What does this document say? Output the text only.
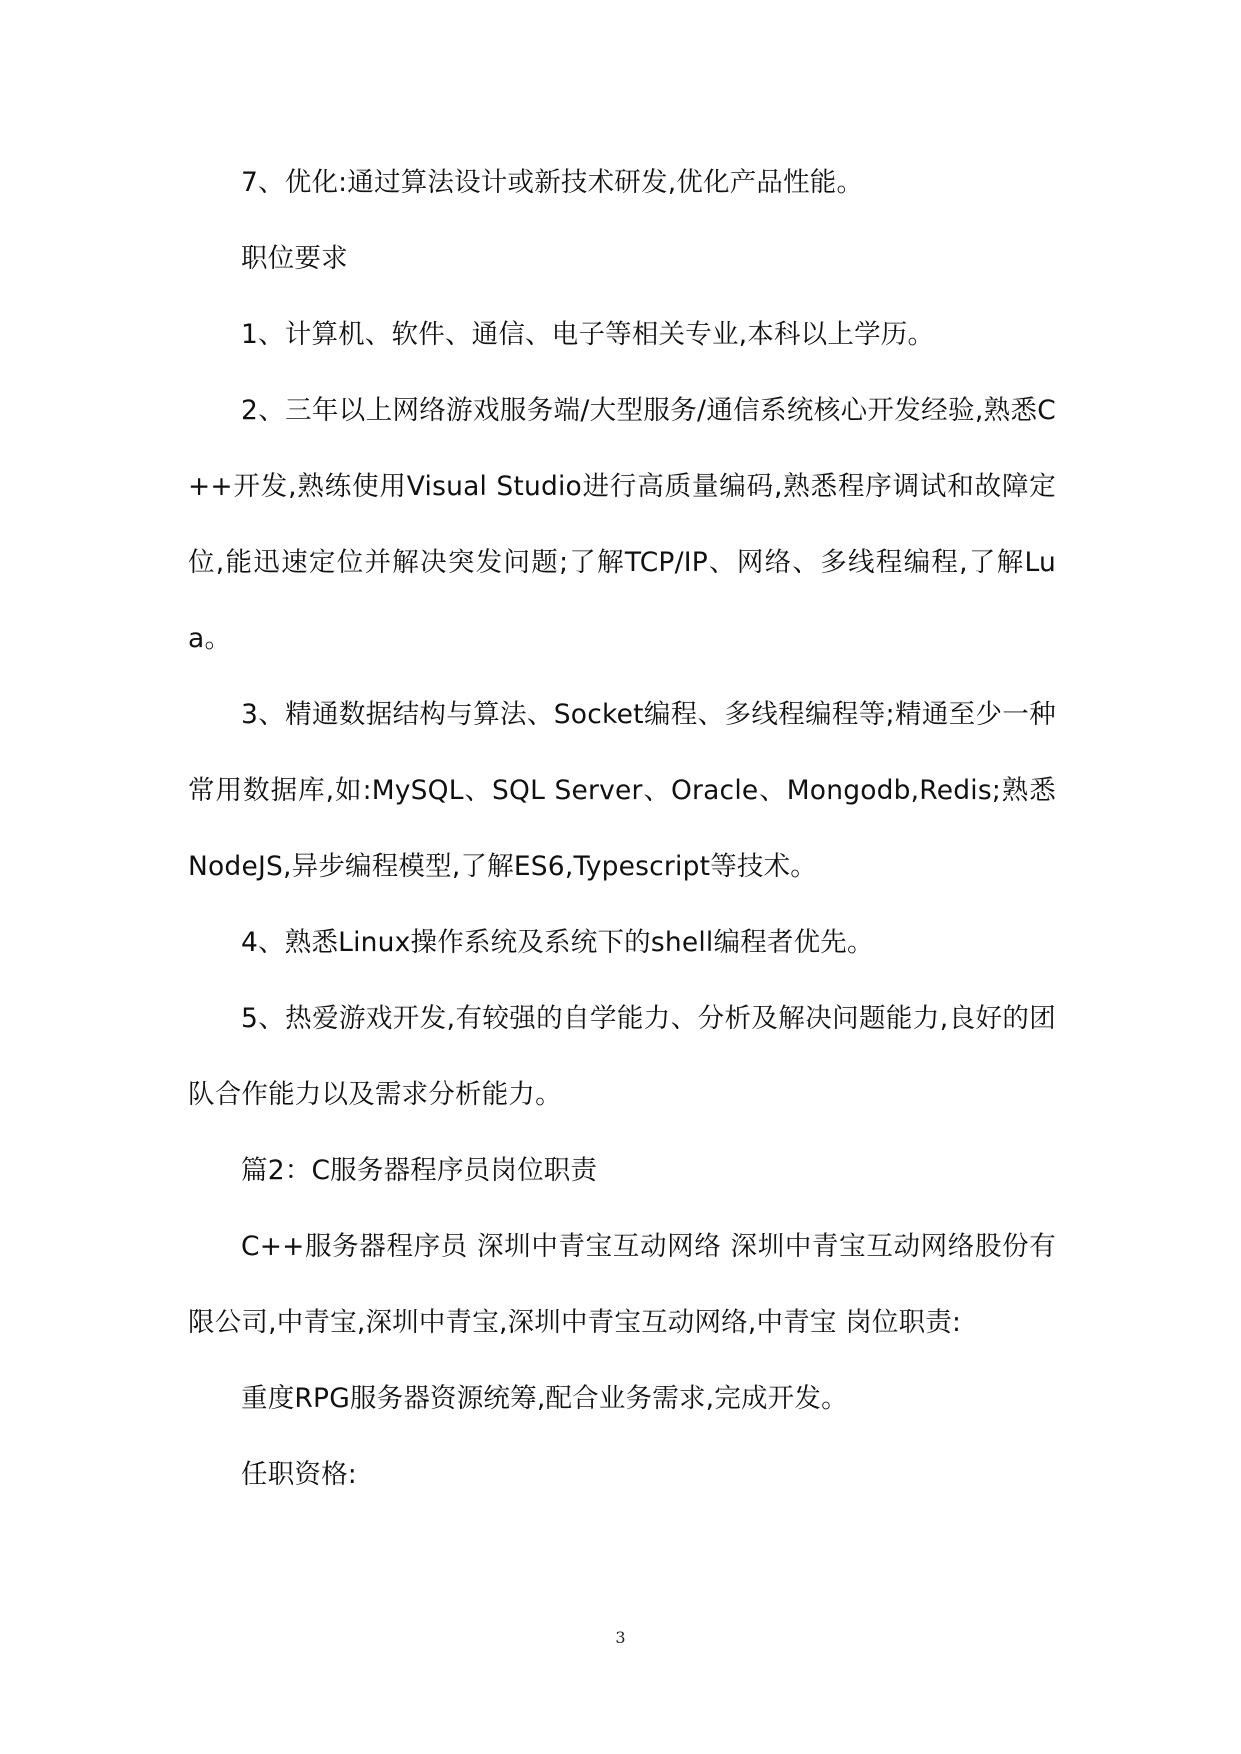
7、优化:通过算法设计或新技术研发,优化产品性能。

职位要求

1、计算机、软件、通信、电子等相关专业,本科以上学历。

2、三年以上网络游戏服务端/大型服务/通信系统核心开发经验,熟悉C++开发,熟练使用Visual Studio进行高质量编码,熟悉程序调试和故障定位,能迅速定位并解决突发问题;了解TCP/IP、网络、多线程编程,了解Lua。

3、精通数据结构与算法、Socket编程、多线程编程等;精通至少一种常用数据库,如:MySQL、SQL Server、Oracle、Mongodb,Redis;熟悉NodeJS,异步编程模型,了解ES6,Typescript等技术。

4、熟悉Linux操作系统及系统下的shell编程者优先。

5、热爱游戏开发,有较强的自学能力、分析及解决问题能力,良好的团队合作能力以及需求分析能力。

篇2：C服务器程序员岗位职责

C++服务器程序员 深圳中青宝互动网络 深圳中青宝互动网络股份有限公司,中青宝,深圳中青宝,深圳中青宝互动网络,中青宝 岗位职责:

重度RPG服务器资源统筹,配合业务需求,完成开发。

任职资格:

3
